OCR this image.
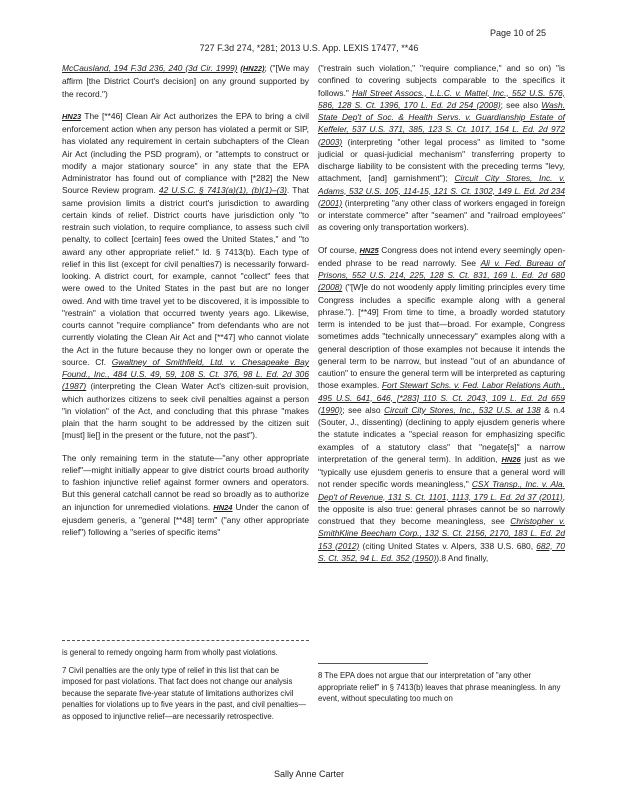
Page 10 of 25
727 F.3d 274, *281; 2013 U.S. App. LEXIS 17477, **46

McCausland, 194 F.3d 236, 240 (3d Cir. 1999) (HN22); ("[We may affirm [the District Court's decision] on any ground supported by the record.")

HN23 The [**46] Clean Air Act authorizes the EPA to bring a civil enforcement action when any person has violated a permit or SIP, has violated any requirement in certain subchapters of the Clean Air Act (including the PSD program), or "attempts to construct or modify a major stationary source" in any state that the EPA Administrator has found out of compliance with [*282] the New Source Review program. 42 U.S.C. § 7413(a)(1), (b)(1)–(3). That same provision limits a district court's jurisdiction to awarding certain kinds of relief. District courts have jurisdiction only "to restrain such violation, to require compliance, to assess such civil penalty, to collect [certain] fees owed the United States," and "to award any other appropriate relief." Id. § 7413(b). Each type of relief in this list (except for civil penalties7) is necessarily forward-looking. A district court, for example, cannot "collect" fees that were owed to the United States in the past but are no longer owed. And with time travel yet to be discovered, it is impossible to "restrain" a violation that occurred twenty years ago. Likewise, courts cannot "require compliance" from defendants who are not currently violating the Clean Air Act and [**47] who cannot violate the Act in the future because they no longer own or operate the source. Cf. Gwaltney of Smithfield, Ltd. v. Chesapeake Bay Found., Inc., 484 U.S. 49, 59, 108 S. Ct. 376, 98 L. Ed. 2d 306 (1987) (interpreting the Clean Water Act's citizen-suit provision, which authorizes citizens to seek civil penalties against a person "in violation" of the Act, and concluding that this phrase "makes plain that the harm sought to be addressed by the citizen suit [must] lie[] in the present or the future, not the past").

The only remaining term in the statute—"any other appropriate relief"—might initially appear to give district courts broad authority to fashion injunctive relief against former owners and operators. But this general catchall cannot be read so broadly as to authorize an injunction for unremedied violations. HN24 Under the canon of ejusdem generis, a "general [**48] term" ("any other appropriate relief") following a "series of specific items"

is general to remedy ongoing harm from wholly past violations.

7 Civil penalties are the only type of relief in this list that can be imposed for past violations. That fact does not change our analysis because the separate five-year statute of limitations authorizes civil penalties for violations up to five years in the past, and civil penalties—as opposed to injunctive relief—are necessarily retrospective.

("restrain such violation," "require compliance," and so on) "is confined to covering subjects comparable to the specifics it follows." Hall Street Assocs., L.L.C. v. Mattel, Inc., 552 U.S. 576, 586, 128 S. Ct. 1396, 170 L. Ed. 2d 254 (2008); see also Wash. State Dep't of Soc. & Health Servs. v. Guardianship Estate of Keffeler, 537 U.S. 371, 385, 123 S. Ct. 1017, 154 L. Ed. 2d 972 (2003) (interpreting "other legal process" as limited to "some judicial or quasi-judicial mechanism" transferring property to discharge liability to be consistent with the preceding terms "levy, attachment, [and] garnishment"); Circuit City Stores, Inc. v. Adams, 532 U.S. 105, 114-15, 121 S. Ct. 1302, 149 L. Ed. 2d 234 (2001) (interpreting "any other class of workers engaged in foreign or interstate commerce" after "seamen" and "railroad employees" as covering only transportation workers).

Of course, HN25 Congress does not intend every seemingly open-ended phrase to be read narrowly. See Ali v. Fed. Bureau of Prisons, 552 U.S. 214, 225, 128 S. Ct. 831, 169 L. Ed. 2d 680 (2008) ("[W]e do not woodenly apply limiting principles every time Congress includes a specific example along with a general phrase."). [**49] From time to time, a broadly worded statutory term is intended to be just that—broad. For example, Congress sometimes adds "technically unnecessary" examples along with a general description of those examples not because it intends the general term to be narrow, but instead "out of an abundance of caution" to ensure the general term will be interpreted as capturing those examples. Fort Stewart Schs. v. Fed. Labor Relations Auth., 495 U.S. 641, 646, [*283] 110 S. Ct. 2043, 109 L. Ed. 2d 659 (1990); see also Circuit City Stores, Inc., 532 U.S. at 138 & n.4 (Souter, J., dissenting) (declining to apply ejusdem generis where the statute indicates a "special reason for emphasizing specific examples of a statutory class" that "negate[s]" a narrow interpretation of the general term). In addition, HN26 just as we "typically use ejusdem generis to ensure that a general word will not render specific words meaningless," CSX Transp., Inc. v. Ala. Dep't of Revenue, 131 S. Ct. 1101, 1113, 179 L. Ed. 2d 37 (2011), the opposite is also true: general phrases cannot be so narrowly construed that they become meaningless, see Christopher v. SmithKline Beecham Corp., 132 S. Ct. 2156, 2170, 183 L. Ed. 2d 153 (2012) (citing United States v. Alpers, 338 U.S. 680, 682, 70 S. Ct. 352, 94 L. Ed. 352 (1950)).8 And finally,

8 The EPA does not argue that our interpretation of "any other appropriate relief" in § 7413(b) leaves that phrase meaningless. In any event, without speculating too much on

Sally Anne Carter
